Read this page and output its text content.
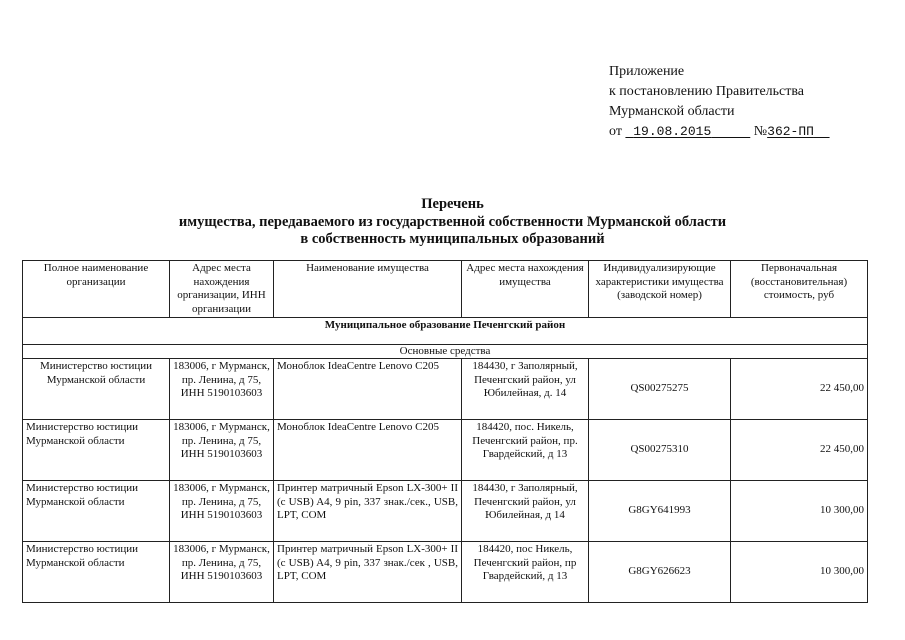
Приложение
к постановлению Правительства
Мурманской области
от 19.08.2015	№362-ПП
Перечень
имущества, передаваемого из государственной собственности Мурманской области
в собственность муниципальных образований
Полное наименование организации	Адрес места нахождения организации, ИНН организации	Наименование имущества	Адрес места нахождения имущества	Индивидуализирующие характеристики имущества (заводской номер)	Первоначальная (восстановительная) стоимость, руб
Муниципальное образование Печенгский район					
Основные средства					
Министерство юстиции Мурманской области	183006, г Мурманск, пр. Ленина, д 75, ИНН 5190103603	Моноблок IdeaCentre Lenovo C205	184430, г Заполярный, Печенгский район, ул Юбилейная, д. 14	QS00275275	22 450,00
Министерство юстиции Мурманской области	183006, г Мурманск, пр. Ленина, д 75, ИНН 5190103603	Моноблок IdeaCentre Lenovo C205	184420, пос. Никель, Печенгский район, пр. Гвардейский, д 13	QS00275310	22 450,00
Министерство юстиции Мурманской области	183006, г Мурманск, пр. Ленина, д 75, ИНН 5190103603	Принтер матричный Epson LX-300+ II (с USB) A4, 9 pin, 337 знак./сек., USB, LPT, COM	184430, г Заполярный, Печенгский район, ул Юбилейная, д 14	G8GY641993	10 300,00
Министерство юстиции Мурманской области	183006, г Мурманск, пр. Ленина, д 75, ИНН 5190103603	Принтер матричный Epson LX-300+ II (с USB) A4, 9 pin, 337 знак./сек , USB, LPT, COM	184420, пос Никель, Печенгский район, пр Гвардейский, д 13	G8GY626623	10 300,00
